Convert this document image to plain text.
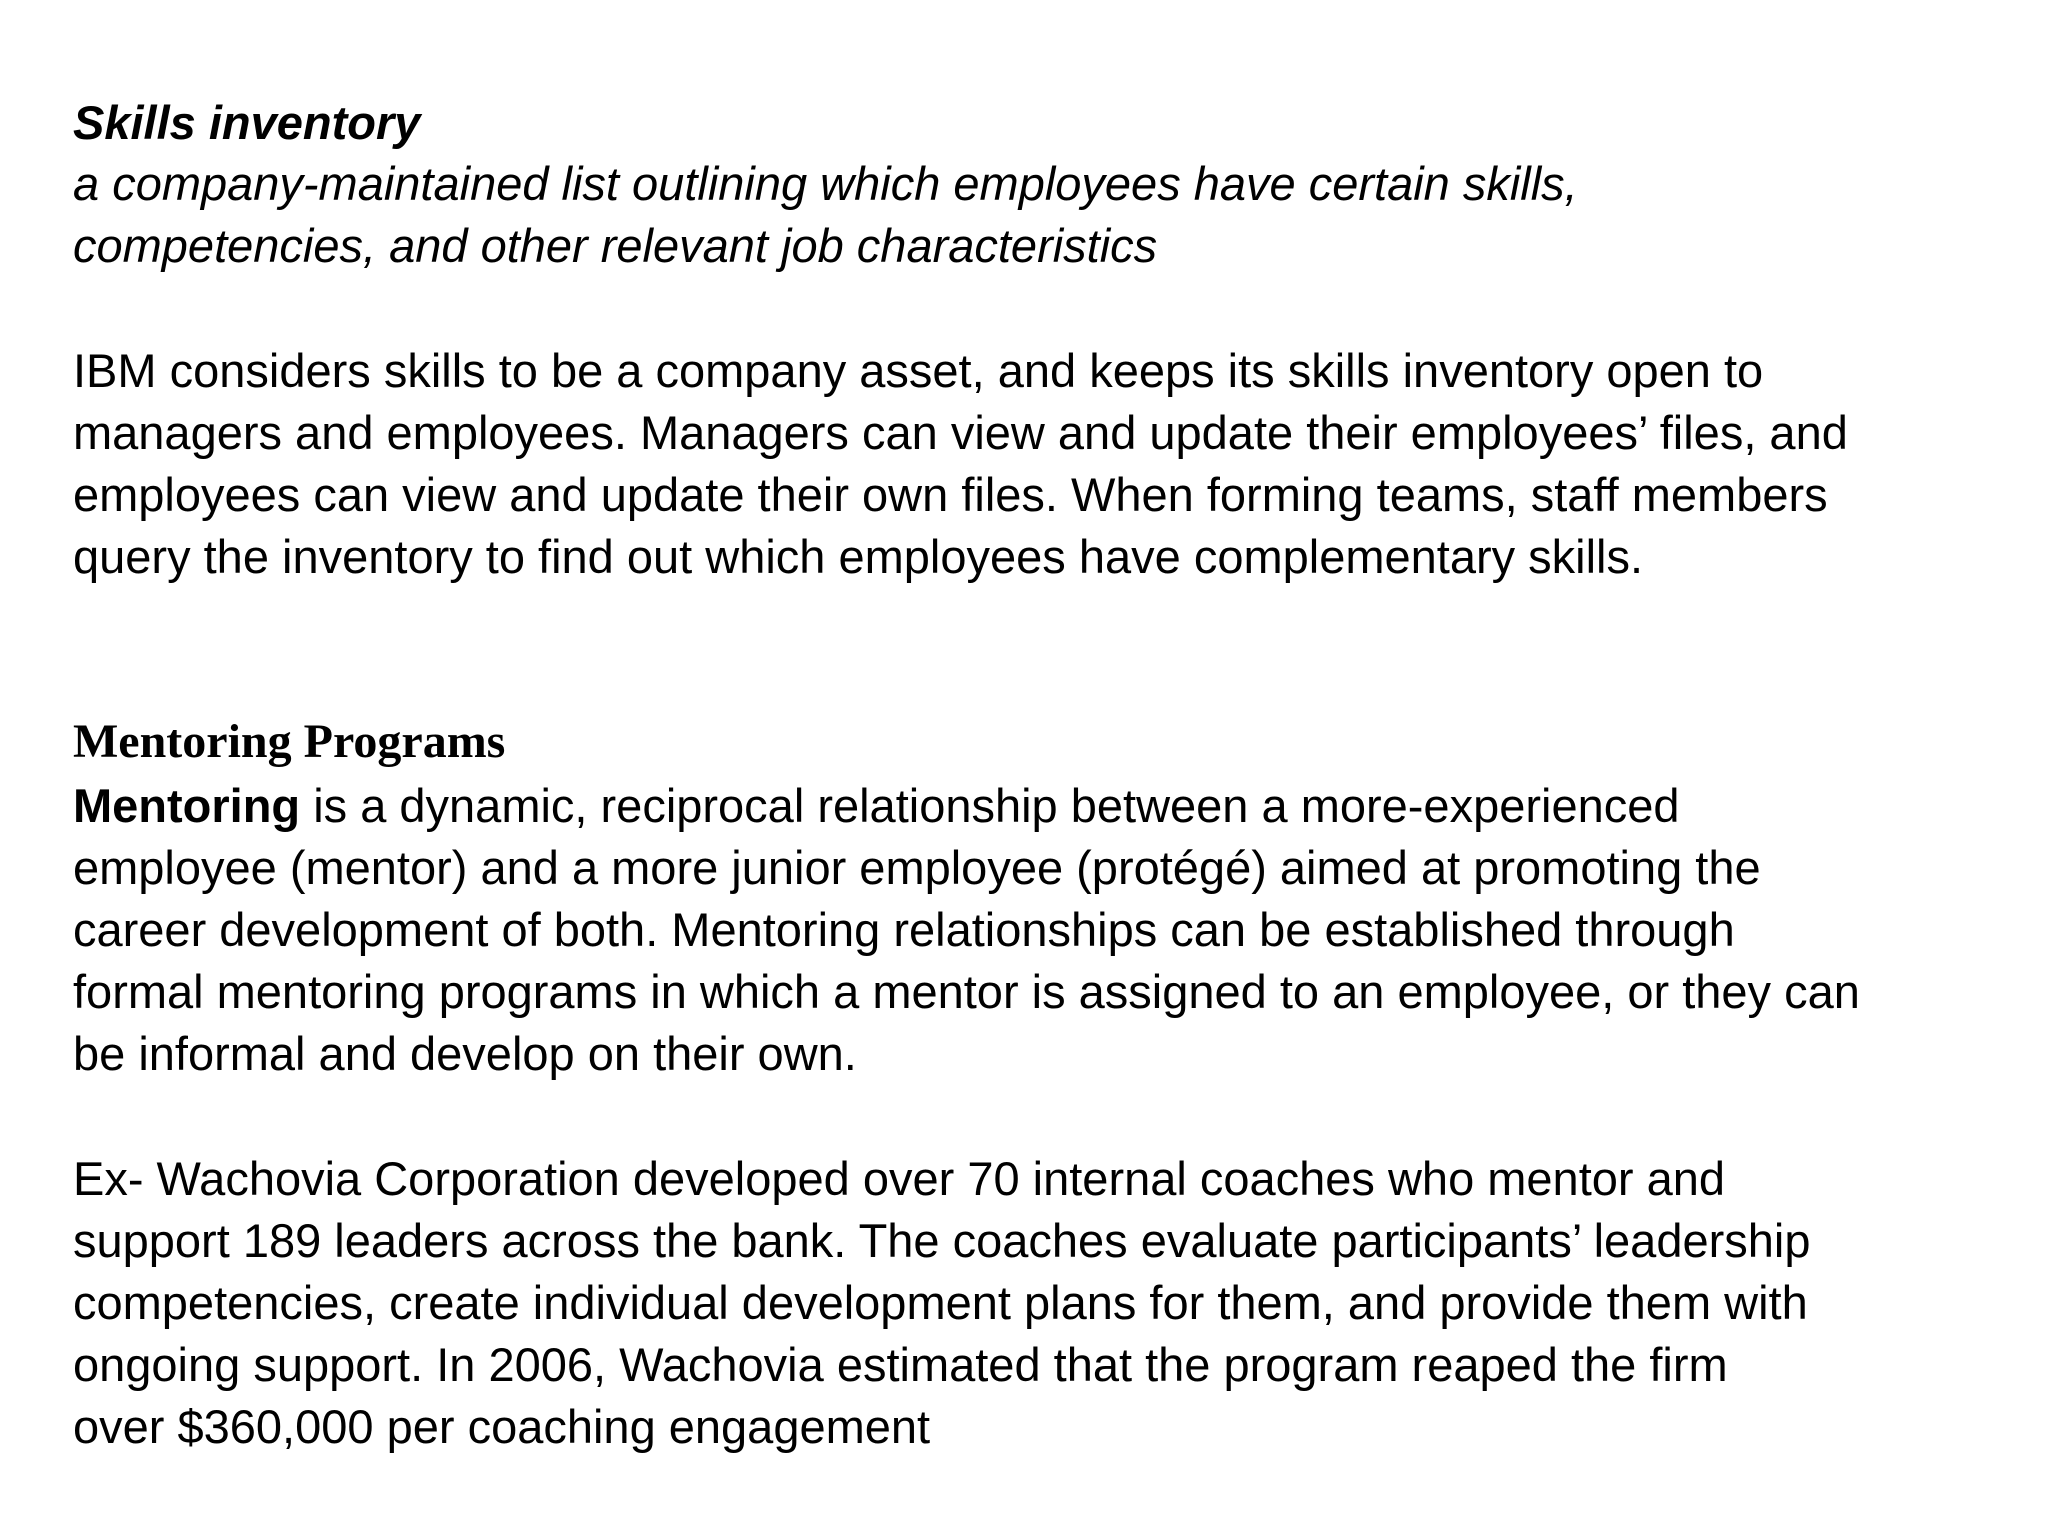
Skills inventory

a company-maintained list outlining which employees have certain skills,
competencies, and other relevant job characteristics

IBM considers skills to be a company asset, and keeps its skills inventory open to
managers and employees. Managers can view and update their employees’ files, and
employees can view and update their own files. When forming teams, staff members
query the inventory to find out which employees have complementary skills.

Mentoring Programs

Mentoring is a dynamic, reciprocal relationship between a more-experienced
employee (mentor) and a more junior employee (protégé) aimed at promoting the
career development of both. Mentoring relationships can be established through
formal mentoring programs in which a mentor is assigned to an employee, or they can
be informal and develop on their own.

Ex- Wachovia Corporation developed over 70 internal coaches who mentor and
support 189 leaders across the bank. The coaches evaluate participants’ leadership
competencies, create individual development plans for them, and provide them with
ongoing support. In 2006, Wachovia estimated that the program reaped the firm
over $360,000 per coaching engagement
